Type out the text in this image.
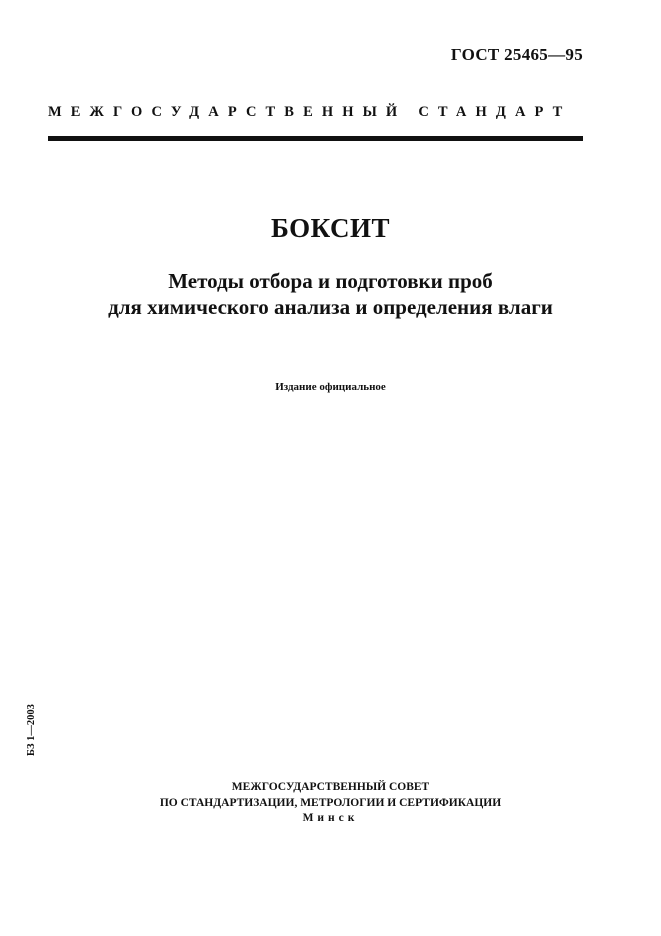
ГОСТ 25465—95
МЕЖГОСУДАРСТВЕННЫЙ СТАНДАРТ
БОКСИТ
Методы отбора и подготовки проб
для химического анализа и определения влаги
Издание официальное
БЗ 1—2003
МЕЖГОСУДАРСТВЕННЫЙ СОВЕТ
ПО СТАНДАРТИЗАЦИИ, МЕТРОЛОГИИ И СЕРТИФИКАЦИИ
Минск
